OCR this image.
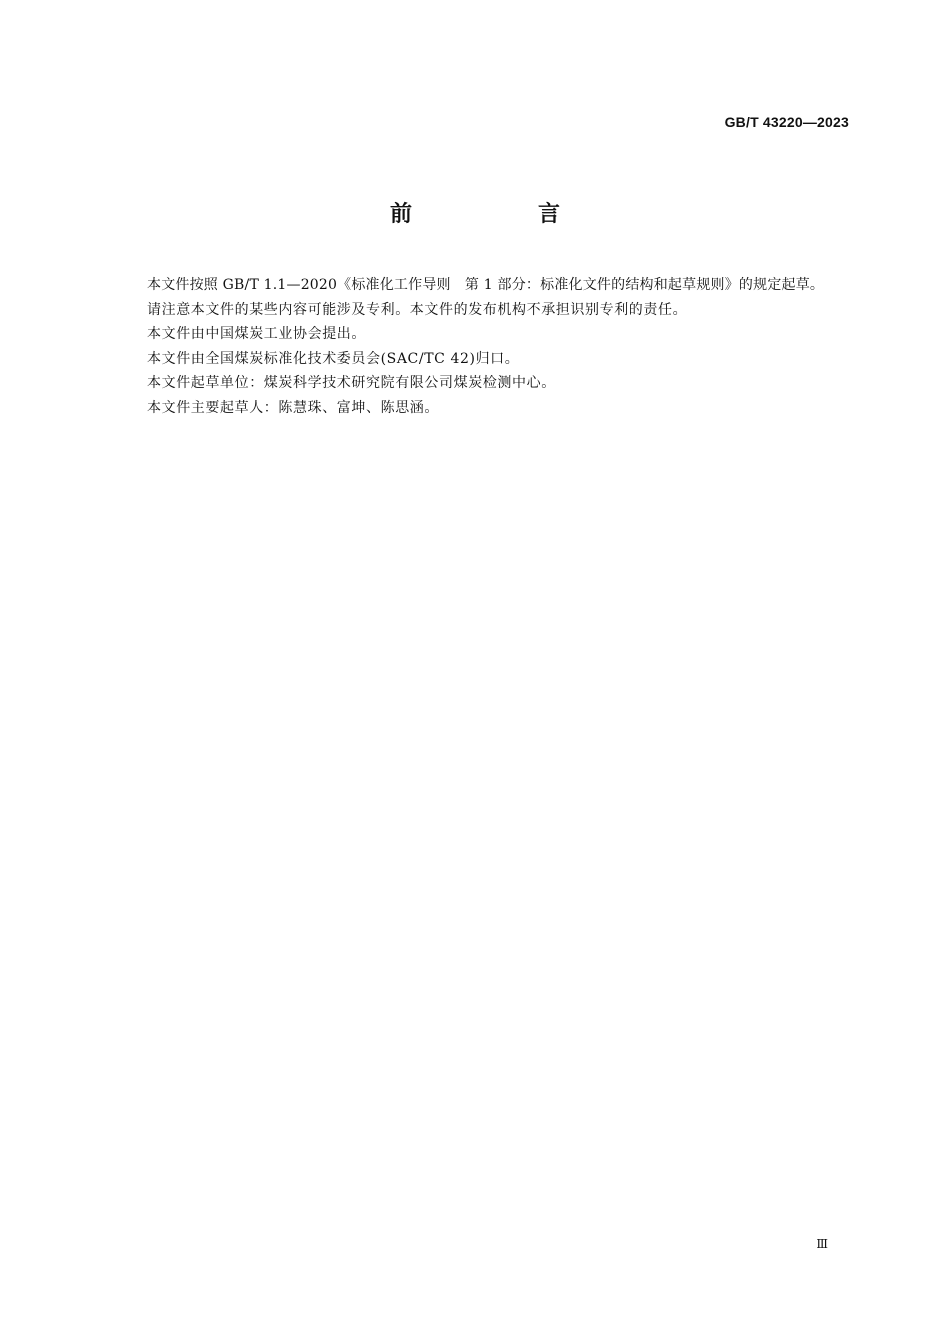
GB/T 43220—2023
前　言

本文件按照 GB/T 1.1—2020《标准化工作导则　第 1 部分：标准化文件的结构和起草规则》的规定起草。

请注意本文件的某些内容可能涉及专利。本文件的发布机构不承担识别专利的责任。

本文件由中国煤炭工业协会提出。

本文件由全国煤炭标准化技术委员会(SAC/TC 42)归口。

本文件起草单位：煤炭科学技术研究院有限公司煤炭检测中心。

本文件主要起草人：陈慧珠、富坤、陈思涵。

Ⅲ
